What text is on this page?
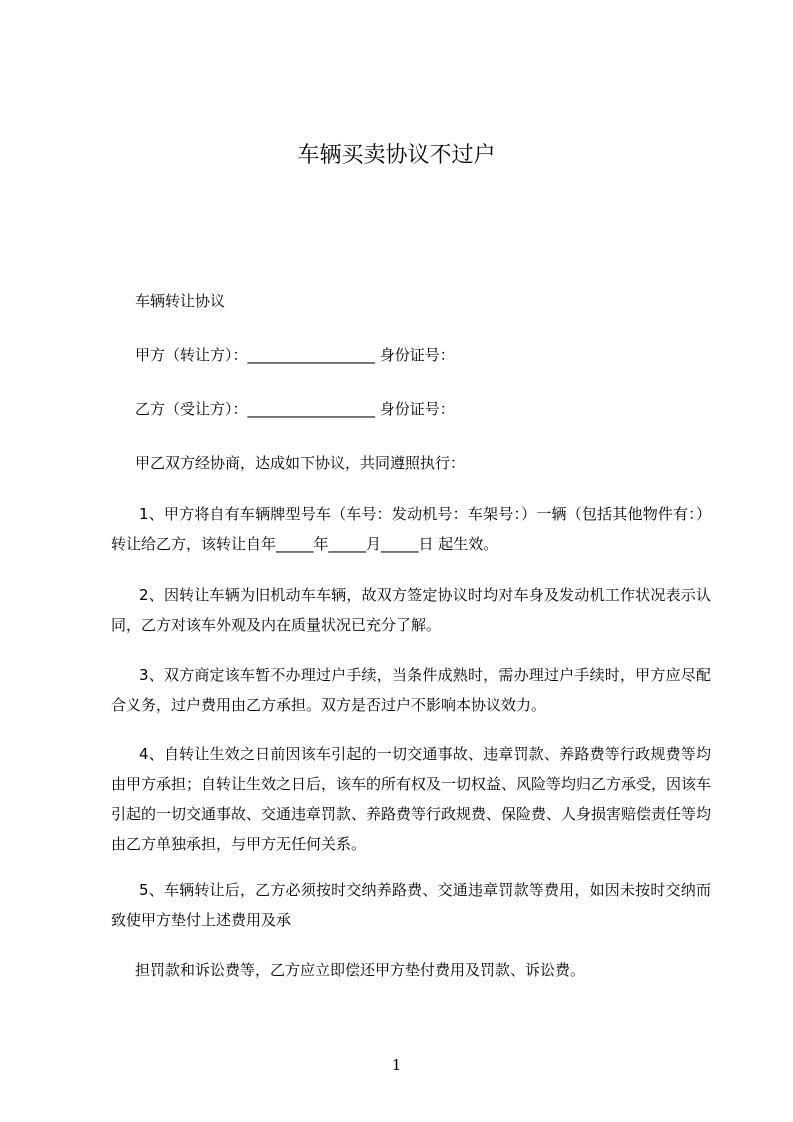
车辆买卖协议不过户

车辆转让协议

甲方（转让方）：_________________ 身份证号：

乙方（受让方）：_________________ 身份证号：

甲乙双方经协商，达成如下协议，共同遵照执行：

1、甲方将自有车辆牌型号车（车号：发动机号：车架号：）一辆（包括其他物件有：）转让给乙方，该转让自年_____年_____月_____日 起生效。

2、因转让车辆为旧机动车车辆，故双方签定协议时均对车身及发动机工作状况表示认同，乙方对该车外观及内在质量状况已充分了解。

3、双方商定该车暂不办理过户手续，当条件成熟时，需办理过户手续时，甲方应尽配合义务，过户费用由乙方承担。双方是否过户不影响本协议效力。

4、自转让生效之日前因该车引起的一切交通事故、违章罚款、养路费等行政规费等均由甲方承担；自转让生效之日后，该车的所有权及一切权益、风险等均归乙方承受，因该车引起的一切交通事故、交通违章罚款、养路费等行政规费、保险费、人身损害赔偿责任等均由乙方单独承担，与甲方无任何关系。

5、车辆转让后，乙方必须按时交纳养路费、交通违章罚款等费用，如因未按时交纳而致使甲方垫付上述费用及承

担罚款和诉讼费等，乙方应立即偿还甲方垫付费用及罚款、诉讼费。

1
